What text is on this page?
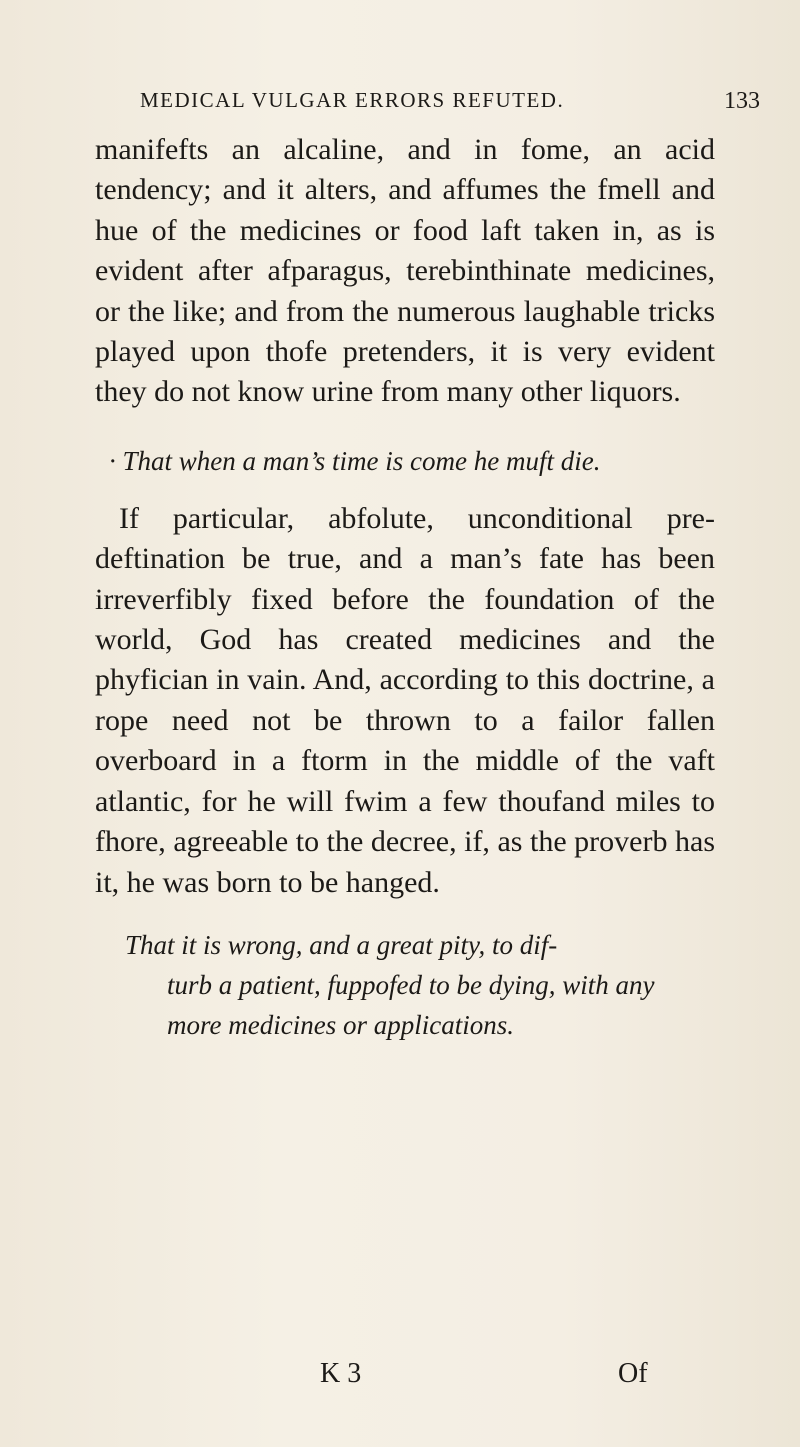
MEDICAL VULGAR ERRORS REFUTED.	133

manifefts an alcaline, and in fome, an acid tendency; and it alters, and affumes the fmell and hue of the medicines or food laft taken in, as is evident after afparagus, terebinthinate medicines, or the like; and from the numerous laughable tricks played upon thofe pretenders, it is very evident they do not know urine from many other liquors.

· That when a man’s time is come he muft die.

If particular, abfolute, unconditional pre-deftination be true, and a man’s fate has been irreverfibly fixed before the foundation of the world, God has created medicines and the phyfician in vain. And, according to this doctrine, a rope need not be thrown to a failor fallen overboard in a ftorm in the middle of the vaft atlantic, for he will fwim a few thoufand miles to fhore, agreeable to the decree, if, as the proverb has it, he was born to be hanged.

That it is wrong, and a great pity, to dif-
turb a patient, fuppofed to be dying, with any more medicines or applications.

K 3	Of
